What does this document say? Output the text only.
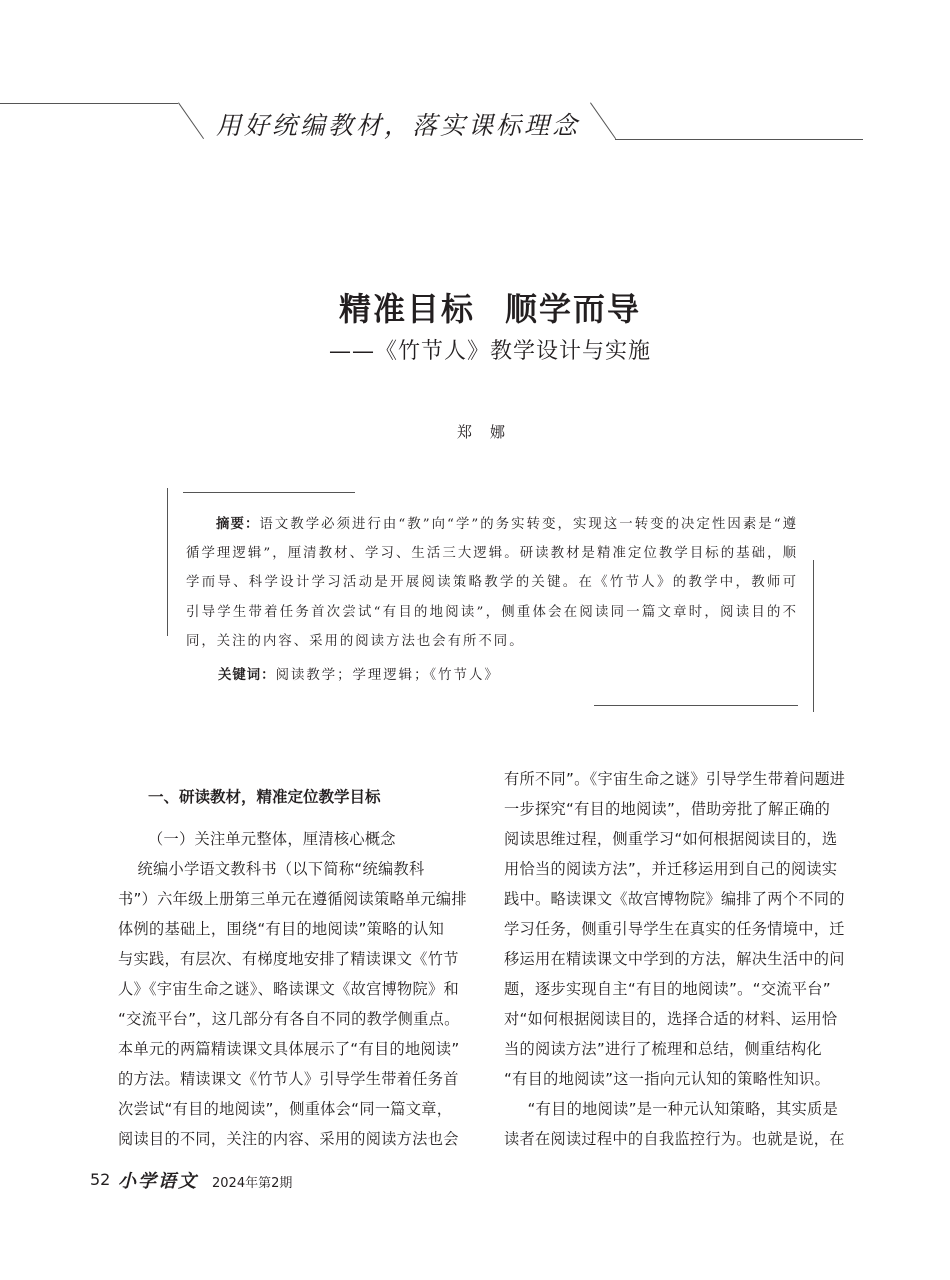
用好统编教材，落实课标理念
精准目标 顺学而导
——《竹节人》教学设计与实施
郑娜
摘要：语文教学必须进行由“教”向“学”的务实转变，实现这一转变的决定性因素是“遵循学理逻辑”，厘清教材、学习、生活三大逻辑。研读教材是精准定位教学目标的基础，顺学而导、科学设计学习活动是开展阅读策略教学的关键。在《竹节人》的教学中，教师可引导学生带着任务首次尝试“有目的地阅读”，侧重体会在阅读同一篇文章时，阅读目的不同，关注的内容、采用的阅读方法也会有所不同。
关键词：阅读教学；学理逻辑；《竹节人》
一、研读教材，精准定位教学目标
（一）关注单元整体，厘清核心概念
　统编小学语文教科书（以下简称“统编教科
书”）六年级上册第三单元在遵循阅读策略单元编排
体例的基础上，围绕“有目的地阅读”策略的认知
与实践，有层次、有梯度地安排了精读课文《竹节
人》《宇宙生命之谜》、略读课文《故宫博物院》和
“交流平台”，这几部分有各自不同的教学侧重点。
本单元的两篇精读课文具体展示了“有目的地阅读”
的方法。精读课文《竹节人》引导学生带着任务首
次尝试“有目的地阅读”，侧重体会“同一篇文章，
阅读目的不同，关注的内容、采用的阅读方法也会
有所不同”。《宇宙生命之谜》引导学生带着问题进
一步探究“有目的地阅读”，借助旁批了解正确的
阅读思维过程，侧重学习“如何根据阅读目的，选
用恰当的阅读方法”，并迁移运用到自己的阅读实
践中。略读课文《故宫博物院》编排了两个不同的
学习任务，侧重引导学生在真实的任务情境中，迁
移运用在精读课文中学到的方法，解决生活中的问
题，逐步实现自主“有目的地阅读”。“交流平台”
对“如何根据阅读目的，选择合适的材料、运用恰
当的阅读方法”进行了梳理和总结，侧重结构化
“有目的地阅读”这一指向元认知的策略性知识。
　“有目的地阅读”是一种元认知策略，其实质是
读者在阅读过程中的自我监控行为。也就是说，在
52 小学语文 2024年第2期
